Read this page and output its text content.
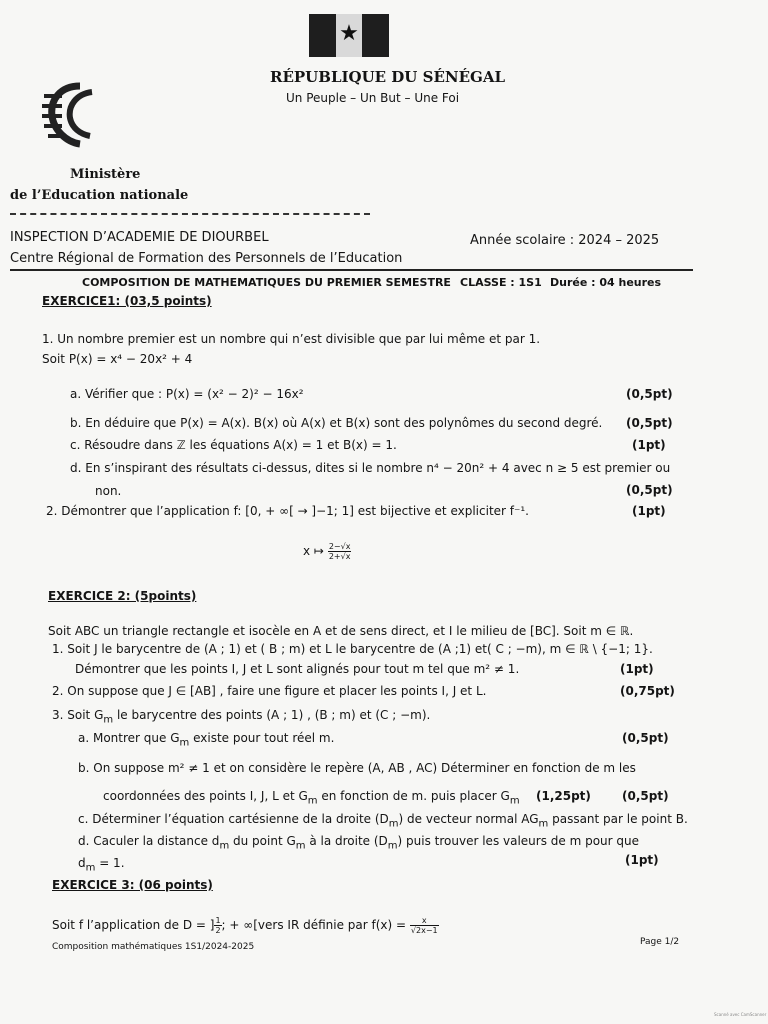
★
RÉPUBLIQUE DU SÉNÉGAL
Un Peuple – Un But – Une Foi
Ministère
de l’Education nationale
INSPECTION D’ACADEMIE DE DIOURBEL
Centre Régional de Formation des Personnels de l’Education
Année scolaire : 2024 – 2025
COMPOSITION DE MATHEMATIQUES DU PREMIER SEMESTRE CLASSE : 1S1 Durée : 04 heures
EXERCICE1: (03,5 points)
1. Un nombre premier est un nombre qui n’est divisible que par lui même et par 1.
Soit P(x) = x⁴ − 20x² + 4
a. Vérifier que : P(x) = (x² − 2)² − 16x²	(0,5pt)
b. En déduire que P(x) = A(x). B(x) où A(x) et B(x) sont des polynômes du second degré. (0,5pt)
c. Résoudre dans ℤ les équations A(x) = 1 et B(x) = 1.	(1pt)
d. En s’inspirant des résultats ci-dessus, dites si le nombre n⁴ − 20n² + 4 avec n ≥ 5 est premier ou
non.	(0,5pt)
2. Démontrer que l’application f: [0, + ∞[ → ]−1; 1] est bijective et expliciter f⁻¹.	(1pt)
x ↦ $\frac{2-√x}{2+√x}$
EXERCICE 2: (5points)
Soit ABC un triangle rectangle et isocèle en A et de sens direct, et I le milieu de [BC]. Soit m ∈ ℝ.
1. Soit J le barycentre de (A ; 1) et ( B ; m) et L le barycentre de (A ;1) et( C ; −m), m ∈ ℝ \ {−1; 1}.
Démontrer que les points I, J et L sont alignés pour tout m tel que m² ≠ 1.	(1pt)
2. On suppose que J ∈ [AB] , faire une figure et placer les points I, J et L.	(0,75pt)
3. Soit $G_m$ le barycentre des points (A ; 1) , (B ; m) et (C ; −m).
a. Montrer que $G_m$ existe pour tout réel m.	(0,5pt)
b. On suppose m² ≠ 1 et on considère le repère (A, AB , AC) Déterminer en fonction de m les
coordonnées des points I, J, L et $G_m$ en fonction de m. puis placer $G_m$ (1,25pt)	(0,5pt)
c. Déterminer l’équation cartésienne de la droite $(D_m)$ de vecteur normal $AG_m$ passant par le point B.
d. Caculer la distance $d_m$ du point $G_m$ à la droite $(D_m)$ puis trouver les valeurs de m pour que
$d_m = 1$.	(1pt)
EXERCICE 3: (06 points)
Soit f l’application de D = ] $\frac{1}{2}$ ; + ∞[vers IR définie par $f(x) = \frac{x}{√2x-1}$
Composition mathématiques 1S1/2024-2025	Page 1/2
Scanné avec CamScanner
